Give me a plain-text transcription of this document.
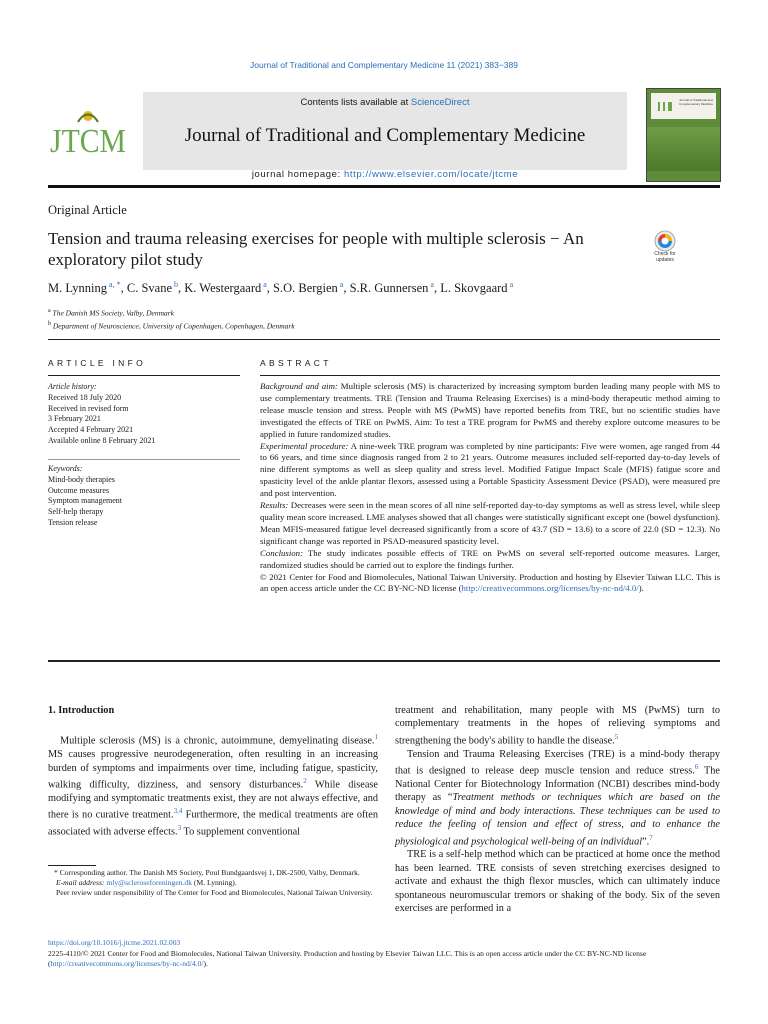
Journal of Traditional and Complementary Medicine 11 (2021) 383−389
JTCM
Contents lists available at ScienceDirect
Journal of Traditional and Complementary Medicine
journal homepage: http://www.elsevier.com/locate/jtcme
Journal of Traditional and Complementary Medicine
Original Article
Tension and trauma releasing exercises for people with multiple sclerosis − An exploratory pilot study	Check for updates
M. Lynning $^{a, *}$, C. Svane $^b$, K. Westergaard $^a$, S.O. Bergien $^a$, S.R. Gunnersen $^a$, L. Skovgaard $^a$
$^a$ The Danish MS Society, Valby, Denmark
$^b$ Department of Neuroscience, University of Copenhagen, Copenhagen, Denmark
ARTICLE INFO
Article history:
Received 18 July 2020
Received in revised form
3 February 2021
Accepted 4 February 2021
Available online 8 February 2021
Keywords:
Mind-body therapies
Outcome measures
Symptom management
Self-help therapy
Tension release
ABSTRACT

Background and aim: Multiple sclerosis (MS) is characterized by increasing symptom burden leading many people with MS to use complementary treatments. TRE (Tension and Trauma Releasing Exercises) is a mind-body therapeutic method aiming to release muscle tension and stress. People with MS (PwMS) have reported benefits from TRE, but no scientific studies have investigated the effects of TRE on PwMS. Aim: To test a TRE program for PwMS and thereby explore outcome measures to be applied in future randomized studies.

Experimental procedure: A nine-week TRE program was completed by nine participants: Five were women, age ranged from 44 to 66 years, and time since diagnosis ranged from 2 to 21 years. Outcome measures included self-reported day-to-day levels of nine different symptoms as well as sleep quality and stress level. Modified Fatigue Impact Scale (MFIS) fatigue score and spasticity level of the ankle plantar flexors, assessed using a Portable Spasticity Assessment Device (PSAD), were measured pre and post intervention.

Results: Decreases were seen in the mean scores of all nine self-reported day-to-day symptoms as well as stress level, while sleep quality mean score increased. LME analyses showed that all changes were statistically significant except one (bowel dysfunction). Mean MFIS-measured fatigue level decreased significantly from a score of 43.7 (SD = 13.6) to a score of 22.0 (SD = 12.3). No significant change was reported in PSAD-measured spasticity level.

Conclusion: The study indicates possible effects of TRE on PwMS on several self-reported outcome measures. Larger, randomized studies should be carried out to explore the findings further.

© 2021 Center for Food and Biomolecules, National Taiwan University. Production and hosting by Elsevier Taiwan LLC. This is an open access article under the CC BY-NC-ND license (http://creativecommons.org/licenses/by-nc-nd/4.0/).

1. Introduction

Multiple sclerosis (MS) is a chronic, autoimmune, demyelinating disease.$^1$ MS causes progressive neurodegeneration, often resulting in an increasing burden of symptoms and impairments over time, including fatigue, spasticity, walking difficulty, dizziness, and sensory disturbances.$^2$ While disease modifying and symptomatic treatments exist, they are not always effective, and there is no curative treatment.$^{3,4}$ Furthermore, the medical treatments are often associated with adverse effects.$^3$ To supplement conventional

treatment and rehabilitation, many people with MS (PwMS) turn to complementary treatments in the hopes of relieving symptoms and strengthening the body's ability to handle the disease.$^5$

Tension and Trauma Releasing Exercises (TRE) is a mind-body therapy that is designed to release deep muscle tension and reduce stress.$^6$ The National Center for Biotechnology Information (NCBI) describes mind-body therapy as “Treatment methods or techniques which are based on the knowledge of mind and body interactions. These techniques can be used to reduce the feeling of tension and effect of stress, and to enhance the physiological and psychological well-being of an individual”.$^7$

TRE is a self-help method which can be practiced at home once the method has been learned. TRE consists of seven stretching exercises designed to activate and exhaust the thigh flexor muscles, which can ultimately induce spontaneous neuromuscular tremors or shaking of the body. Six of the seven exercises are performed in a

* Corresponding author. The Danish MS Society, Poul Bundgaardsvej 1, DK-2500, Valby, Denmark.
E-mail address: mly@scleroseforeningen.dk (M. Lynning).
Peer review under responsibility of The Center for Food and Biomolecules, National Taiwan University.
https://doi.org/10.1016/j.jtcme.2021.02.003
2225-4110/© 2021 Center for Food and Biomolecules, National Taiwan University. Production and hosting by Elsevier Taiwan LLC. This is an open access article under the CC BY-NC-ND license (http://creativecommons.org/licenses/by-nc-nd/4.0/).
